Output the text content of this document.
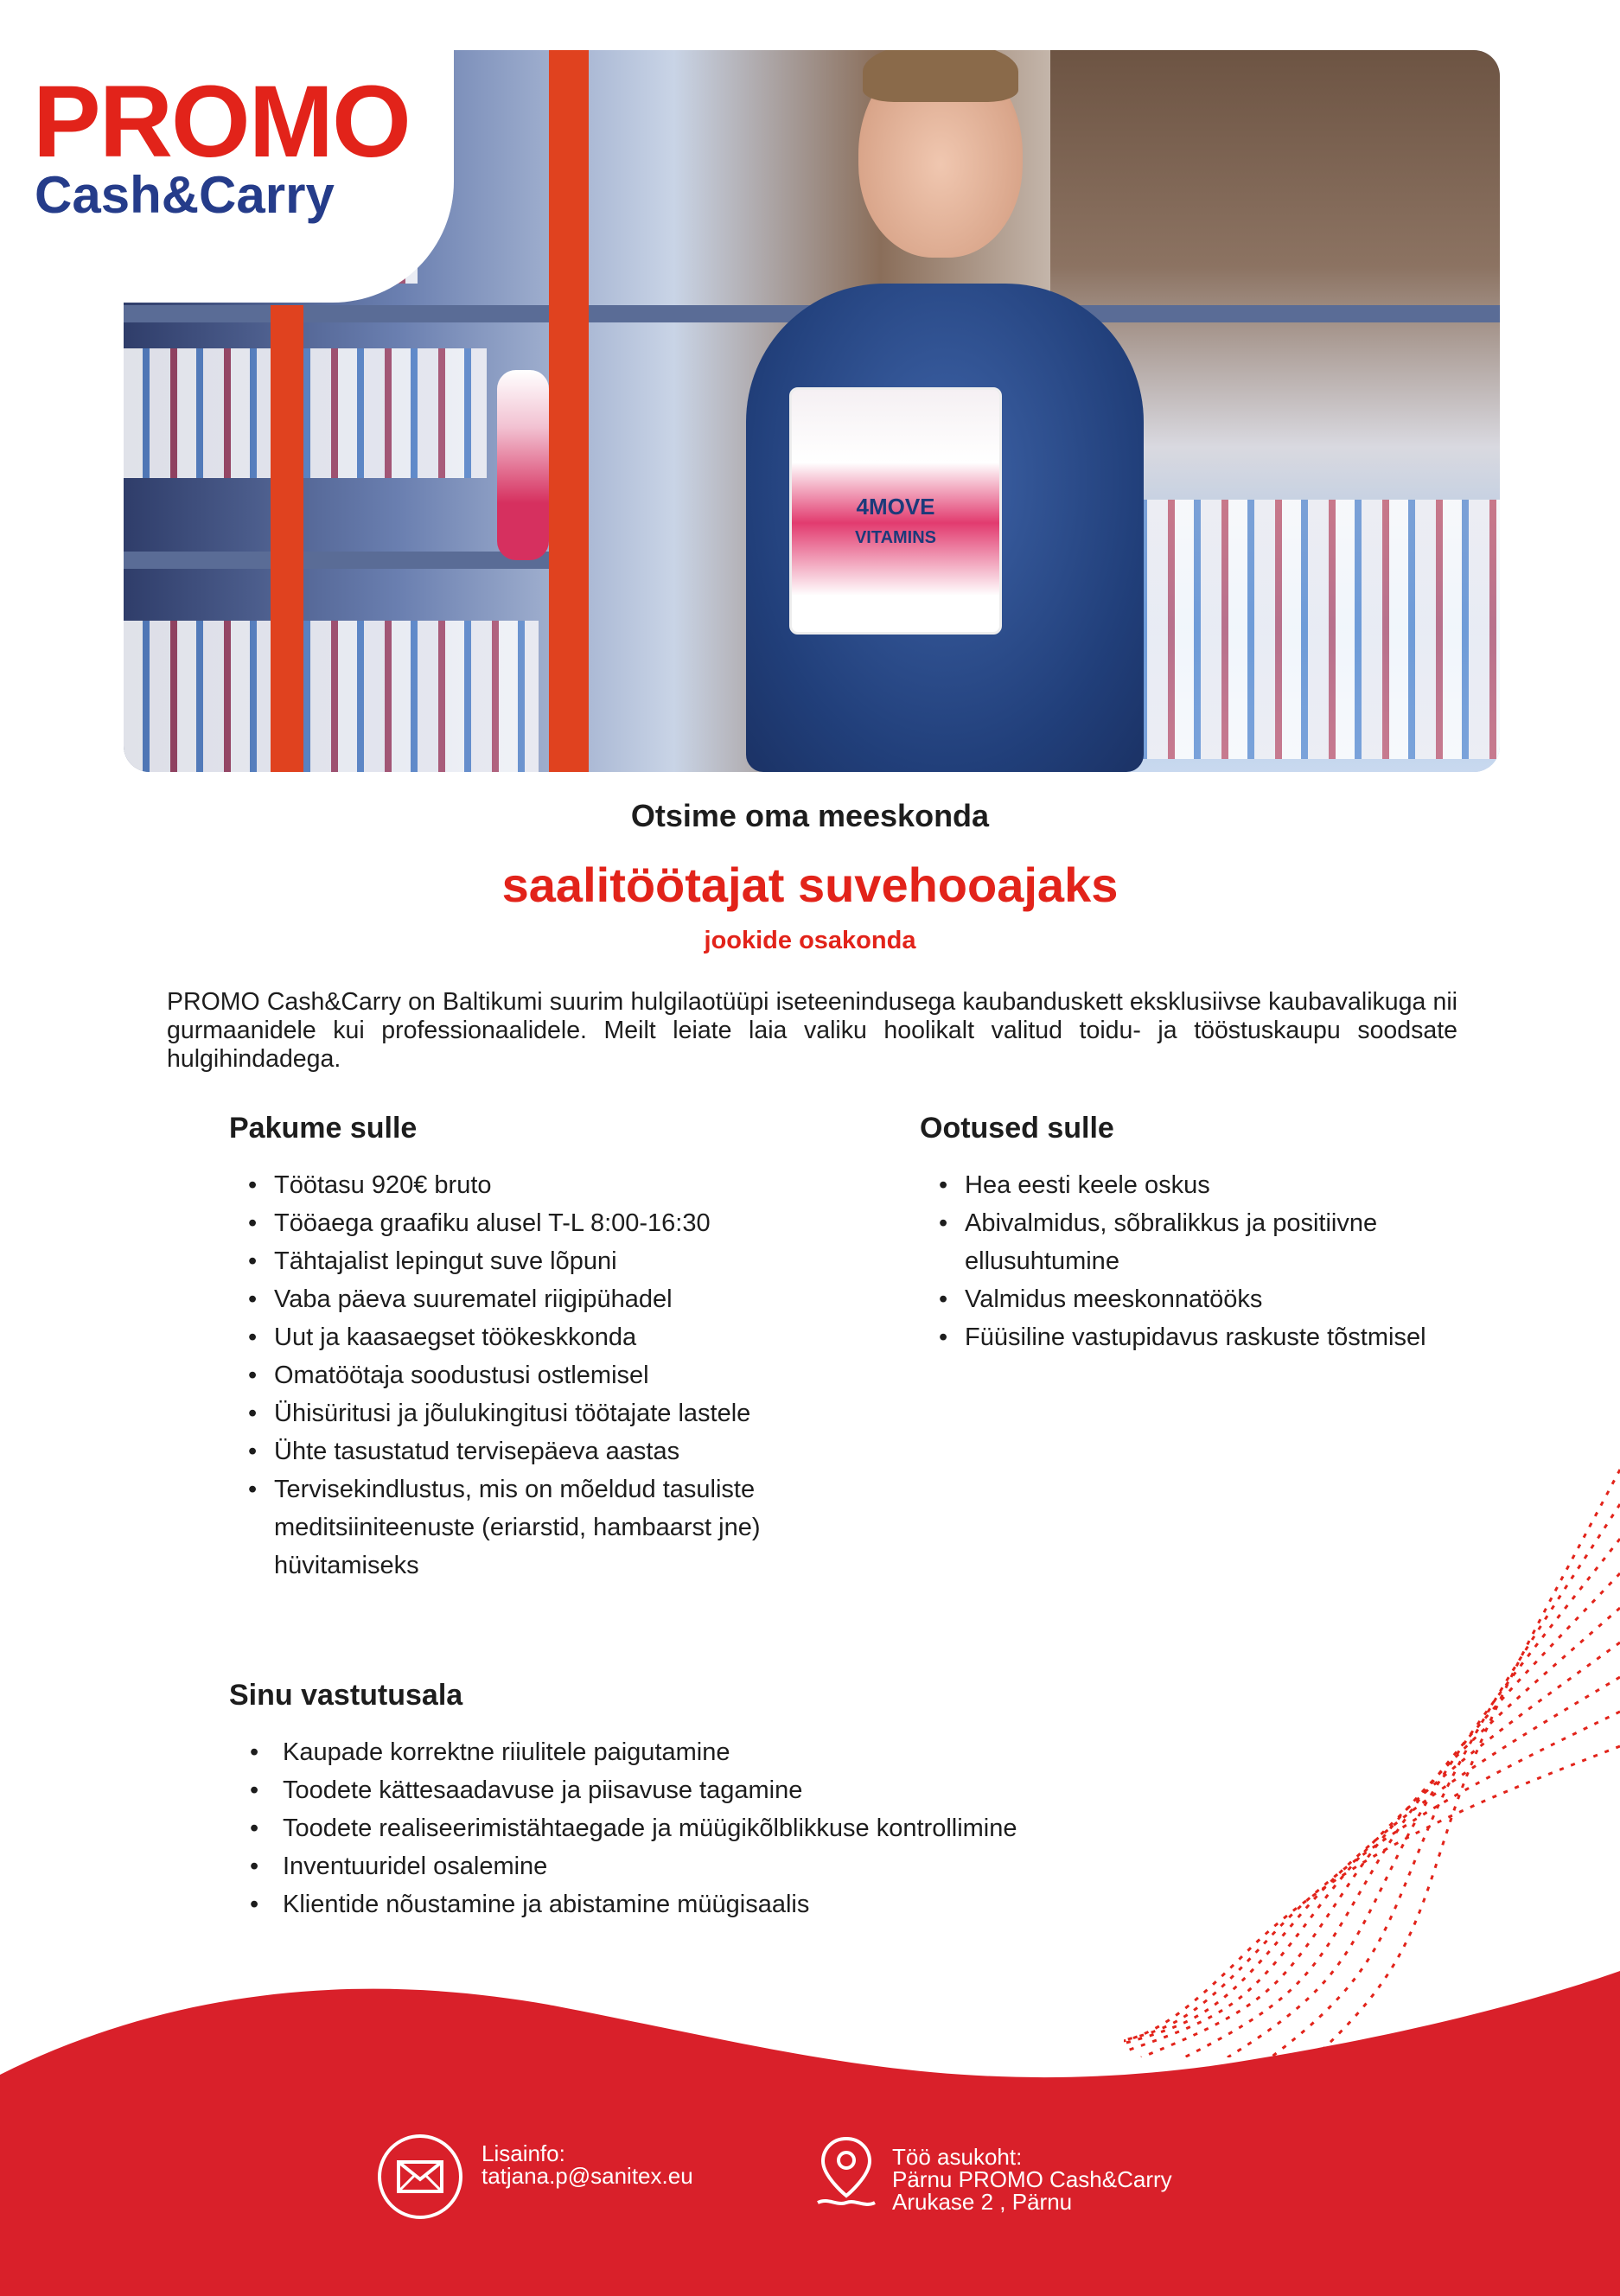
4MOVE
VITAMINS
PROMO
Cash&Carry
Otsime oma meeskonda
saalitöötajat suvehooajaks
jookide osakonda
PROMO Cash&Carry on Baltikumi suurim hulgilaotüüpi iseteenindusega kaubanduskett eksklusiivse kaubavalikuga nii gurmaanidele kui professionaalidele. Meilt leiate laia valiku hoolikalt valitud toidu- ja tööstuskaupu soodsate hulgihindadega.
Pakume sulle
• Töötasu 920€ bruto
• Tööaega graafiku alusel T-L 8:00-16:30
• Tähtajalist lepingut suve lõpuni
• Vaba päeva suurematel riigipühadel
• Uut ja kaasaegset töökeskkonda
• Omatöötaja soodustusi ostlemisel
• Ühisüritusi ja jõulukingitusi töötajate lastele
• Ühte tasustatud tervisepäeva aastas
• Tervisekindlustus, mis on mõeldud tasuliste meditsiiniteenuste (eriarstid, hambaarst jne) hüvitamiseks
Ootused sulle
• Hea eesti keele oskus
• Abivalmidus, sõbralikkus ja positiivne ellusuhtumine
• Valmidus meeskonnatööks
• Füüsiline vastupidavus raskuste tõstmisel
Sinu vastutusala
• Kaupade korrektne riiulitele paigutamine
• Toodete kättesaadavuse ja piisavuse tagamine
• Toodete realiseerimistähtaegade ja müügikõlblikkuse kontrollimine
• Inventuuridel osalemine
• Klientide nõustamine ja abistamine müügisaalis
Lisainfo:
tatjana.p@sanitex.eu
Töö asukoht:
Pärnu PROMO Cash&Carry
Arukase 2 , Pärnu
